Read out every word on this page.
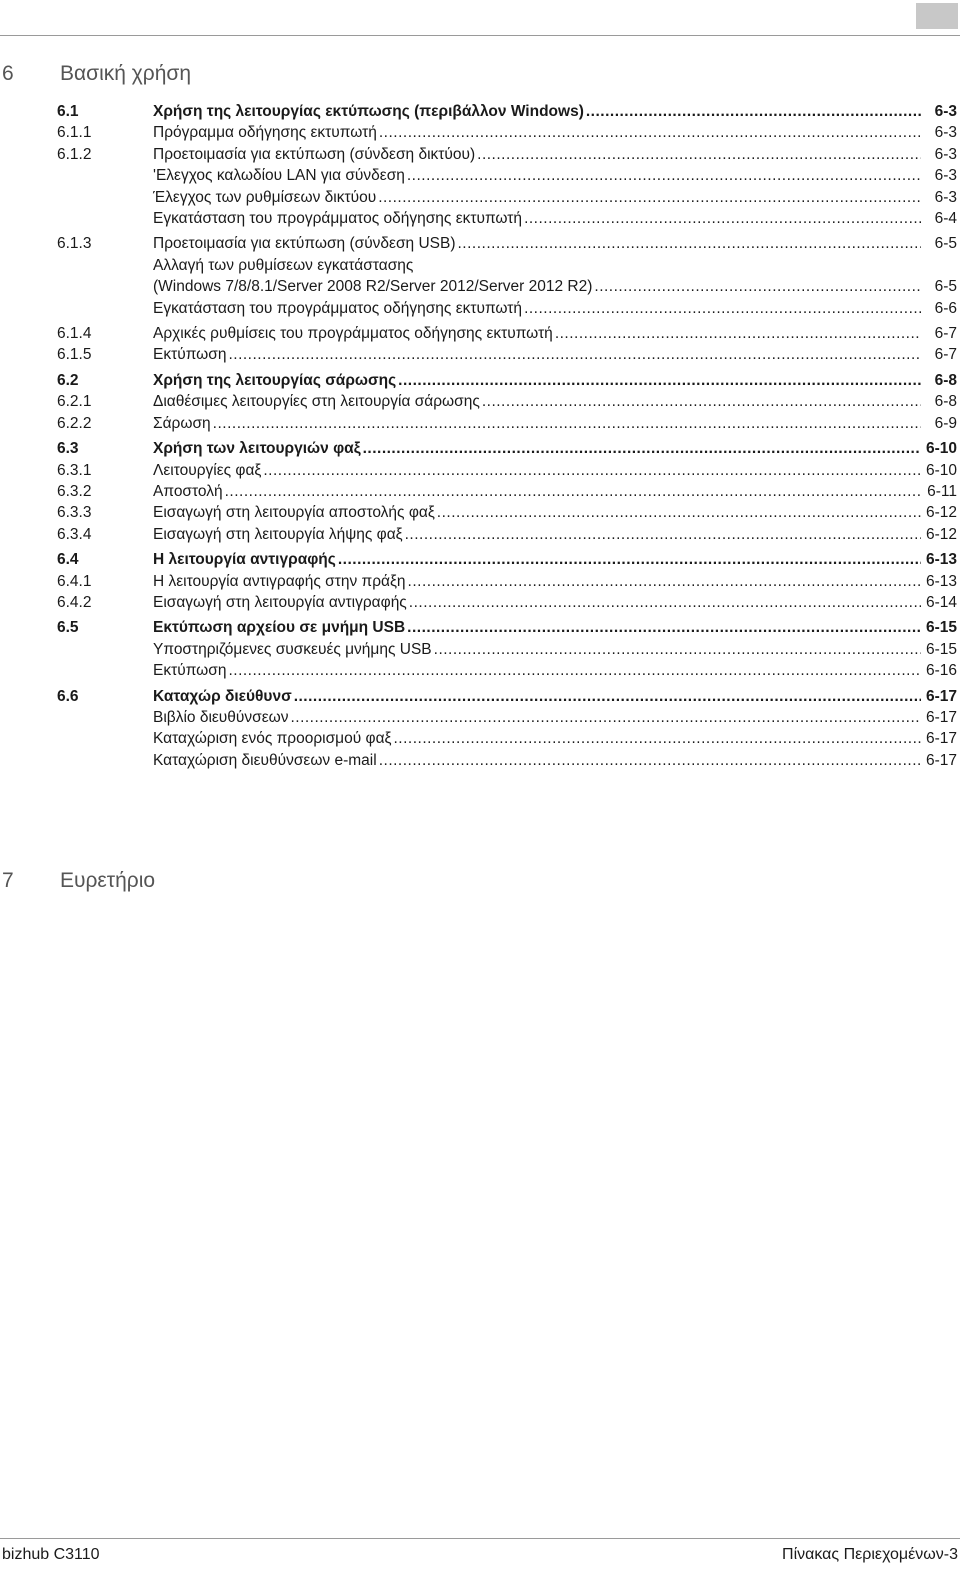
6	Βασική χρήση
6.1	Χρήση της λειτουργίας εκτύπωσης (περιβάλλον Windows) .....	6-3
6.1.1	Πρόγραμμα οδήγησης εκτυπωτή .....	6-3
6.1.2	Προετοιμασία για εκτύπωση (σύνδεση δικτύου) .....	6-3
'Ελεγχος καλωδίου LAN για σύνδεση .....	6-3
Έλεγχος των ρυθμίσεων δικτύου .....	6-3
Εγκατάσταση του προγράμματος οδήγησης εκτυπωτή .....	6-4
6.1.3	Προετοιμασία για εκτύπωση (σύνδεση USB) .....	6-5
Αλλαγή των ρυθμίσεων εγκατάστασης
(Windows 7/8/8.1/Server 2008 R2/Server 2012/Server 2012 R2) .....	6-5
Εγκατάσταση του προγράμματος οδήγησης εκτυπωτή .....	6-6
6.1.4	Αρχικές ρυθμίσεις του προγράμματος οδήγησης εκτυπωτή .....	6-7
6.1.5	Εκτύπωση .....	6-7
6.2	Χρήση της λειτουργίας σάρωσης .....	6-8
6.2.1	Διαθέσιμες λειτουργίες στη λειτουργία σάρωσης .....	6-8
6.2.2	Σάρωση .....	6-9
6.3	Χρήση των λειτουργιών φαξ .....	6-10
6.3.1	Λειτουργίες φαξ .....	6-10
6.3.2	Αποστολή .....	6-11
6.3.3	Εισαγωγή στη λειτουργία αποστολής φαξ .....	6-12
6.3.4	Εισαγωγή στη λειτουργία λήψης φαξ .....	6-12
6.4	Η λειτουργία αντιγραφής .....	6-13
6.4.1	Η λειτουργία αντιγραφής στην πράξη .....	6-13
6.4.2	Εισαγωγή στη λειτουργία αντιγραφής .....	6-14
6.5	Εκτύπωση αρχείου σε μνήμη USB .....	6-15
Υποστηριζόμενες συσκευές μνήμης USB .....	6-15
Εκτύπωση .....	6-16
6.6	Καταχώρ διεύθυνσ .....	6-17
Βιβλίο διευθύνσεων .....	6-17
Καταχώριση ενός προορισμού φαξ .....	6-17
Καταχώριση διευθύνσεων e-mail .....	6-17
7	Ευρετήριο
bizhub C3110	Πίνακας Περιεχομένων-3
